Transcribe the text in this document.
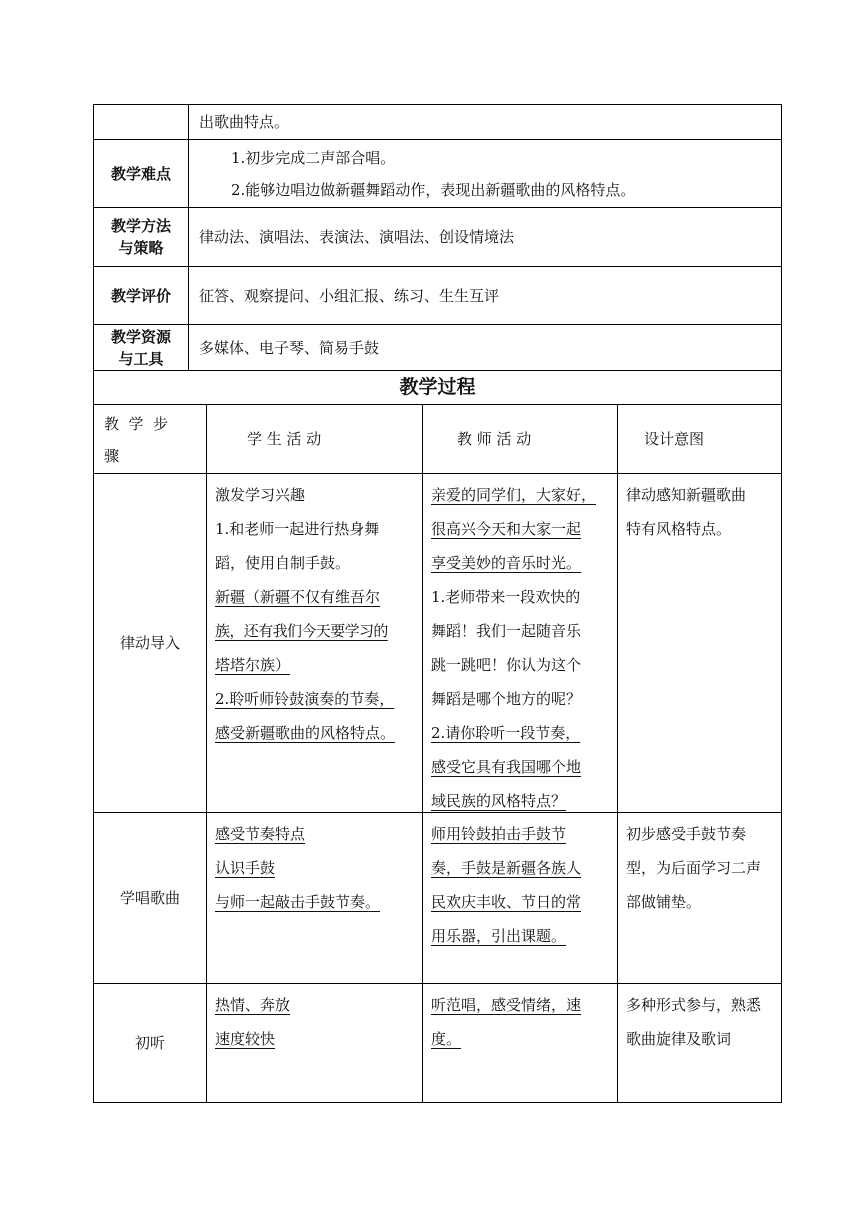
出歌曲特点。
教学难点
1.初步完成二声部合唱。
2.能够边唱边做新疆舞蹈动作，表现出新疆歌曲的风格特点。
教学方法
与策略
律动法、演唱法、表演法、演唱法、创设情境法
教学评价 征答、观察提问、小组汇报、练习、生生互评
教学资源
与工具
多媒体、电子琴、简易手鼓
教学过程
教  学  步
骤
学 生 活 动	教 师 活 动	设计意图
律动导入
激发学习兴趣
1.和老师一起进行热身舞
蹈，使用自制手鼓。
新疆（新疆不仅有维吾尔
族，还有我们今天要学习的
塔塔尔族）
2.聆听师铃鼓演奏的节奏，
感受新疆歌曲的风格特点。
亲爱的同学们，大家好，
很高兴今天和大家一起
享受美妙的音乐时光。
1.老师带来一段欢快的
舞蹈！我们一起随音乐
跳一跳吧！你认为这个
舞蹈是哪个地方的呢？
2.请你聆听一段节奏，
感受它具有我国哪个地
域民族的风格特点？
律动感知新疆歌曲
特有风格特点。
学唱歌曲
感受节奏特点
认识手鼓
与师一起敲击手鼓节奏。
师用铃鼓拍击手鼓节
奏，手鼓是新疆各族人
民欢庆丰收、节日的常
用乐器，引出课题。
初步感受手鼓节奏
型，为后面学习二声
部做铺垫。
初听
热情、奔放
速度较快
听范唱，感受情绪，速
度。
多种形式参与，熟悉
歌曲旋律及歌词
